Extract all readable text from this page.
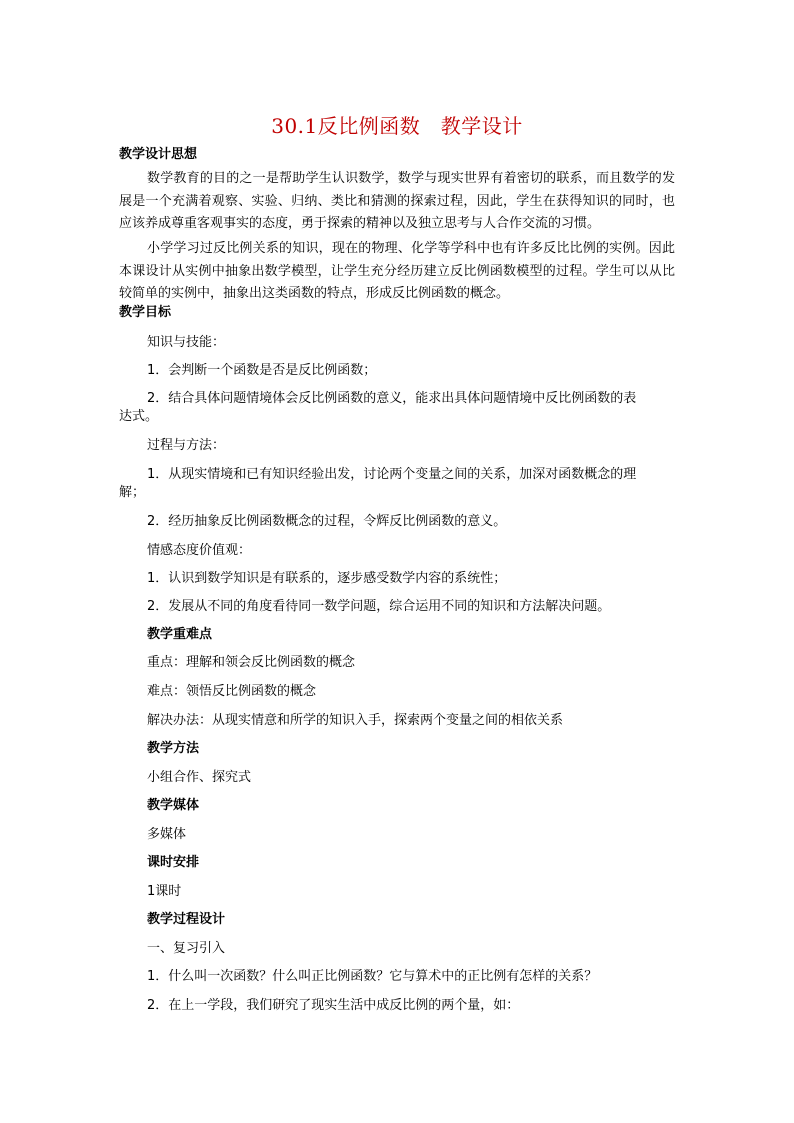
30.1反比例函数　教学设计
教学设计思想
数学教育的目的之一是帮助学生认识数学，数学与现实世界有着密切的联系，而且数学的发展是一个充满着观察、实验、归纳、类比和猜测的探索过程，因此，学生在获得知识的同时，也应该养成尊重客观事实的态度，勇于探索的精神以及独立思考与人合作交流的习惯。
小学学习过反比例关系的知识，现在的物理、化学等学科中也有许多反比比例的实例。因此本课设计从实例中抽象出数学模型，让学生充分经历建立反比例函数模型的过程。学生可以从比较简单的实例中，抽象出这类函数的特点，形成反比例函数的概念。
教学目标
知识与技能：
1．会判断一个函数是否是反比例函数；
2．结合具体问题情境体会反比例函数的意义，能求出具体问题情境中反比例函数的表
达式。
过程与方法：
1．从现实情境和已有知识经验出发，讨论两个变量之间的关系，加深对函数概念的理
解；
2．经历抽象反比例函数概念的过程，令辉反比例函数的意义。
情感态度价值观：
1．认识到数学知识是有联系的，逐步感受数学内容的系统性；
2．发展从不同的角度看待同一数学问题，综合运用不同的知识和方法解决问题。
教学重难点
重点：理解和领会反比例函数的概念
难点：领悟反比例函数的概念
解决办法：从现实情意和所学的知识入手，探索两个变量之间的相依关系
教学方法
小组合作、探究式
教学媒体
多媒体
课时安排
1课时
教学过程设计
一、复习引入
1．什么叫一次函数？什么叫正比例函数？它与算术中的正比例有怎样的关系？
2．在上一学段，我们研究了现实生活中成反比例的两个量，如：
